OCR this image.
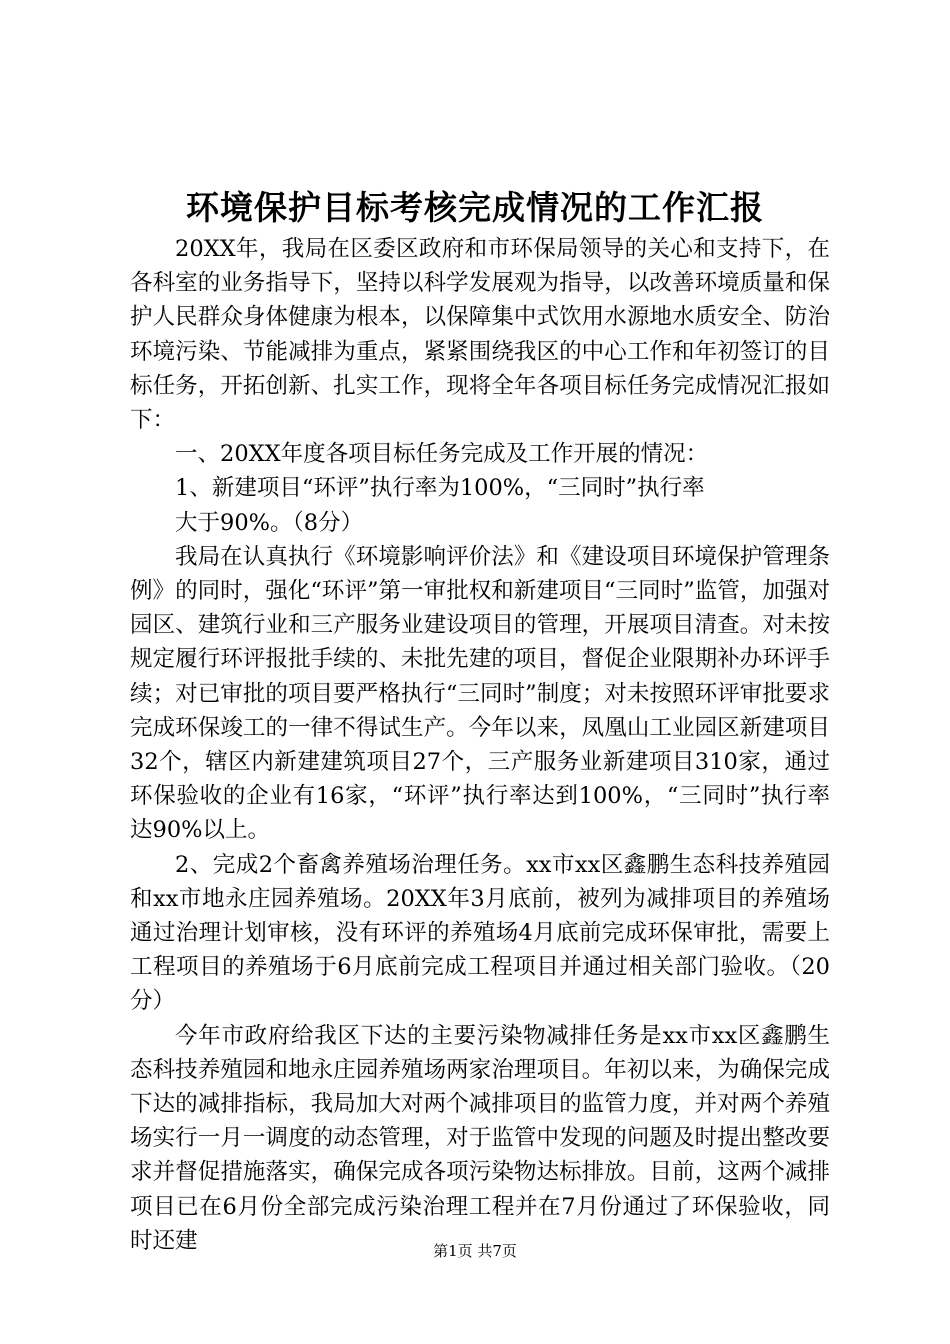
环境保护目标考核完成情况的工作汇报

20XX年，我局在区委区政府和市环保局领导的关心和支持下，在各科室的业务指导下，坚持以科学发展观为指导，以改善环境质量和保护人民群众身体健康为根本，以保障集中式饮用水源地水质安全、防治环境污染、节能减排为重点，紧紧围绕我区的中心工作和年初签订的目标任务，开拓创新、扎实工作，现将全年各项目标任务完成情况汇报如下：

一、20XX年度各项目标任务完成及工作开展的情况：

1、新建项目“环评”执行率为100%，“三同时”执行率

大于90%。（8分）

我局在认真执行《环境影响评价法》和《建设项目环境保护管理条例》的同时，强化“环评”第一审批权和新建项目“三同时”监管，加强对园区、建筑行业和三产服务业建设项目的管理，开展项目清查。对未按规定履行环评报批手续的、未批先建的项目，督促企业限期补办环评手续；对已审批的项目要严格执行“三同时”制度；对未按照环评审批要求完成环保竣工的一律不得试生产。今年以来，凤凰山工业园区新建项目32个，辖区内新建建筑项目27个，三产服务业新建项目310家，通过环保验收的企业有16家，“环评”执行率达到100%，“三同时”执行率达90%以上。

2、完成2个畜禽养殖场治理任务。xx市xx区鑫鹏生态科技养殖园和xx市地永庄园养殖场。20XX年3月底前，被列为减排项目的养殖场通过治理计划审核，没有环评的养殖场4月底前完成环保审批，需要上工程项目的养殖场于6月底前完成工程项目并通过相关部门验收。（20分）

今年市政府给我区下达的主要污染物减排任务是xx市xx区鑫鹏生态科技养殖园和地永庄园养殖场两家治理项目。年初以来，为确保完成下达的减排指标，我局加大对两个减排项目的监管力度，并对两个养殖场实行一月一调度的动态管理，对于监管中发现的问题及时提出整改要求并督促措施落实，确保完成各项污染物达标排放。目前，这两个减排项目已在6月份全部完成污染治理工程并在7月份通过了环保验收，同时还建	第1页 共7页
